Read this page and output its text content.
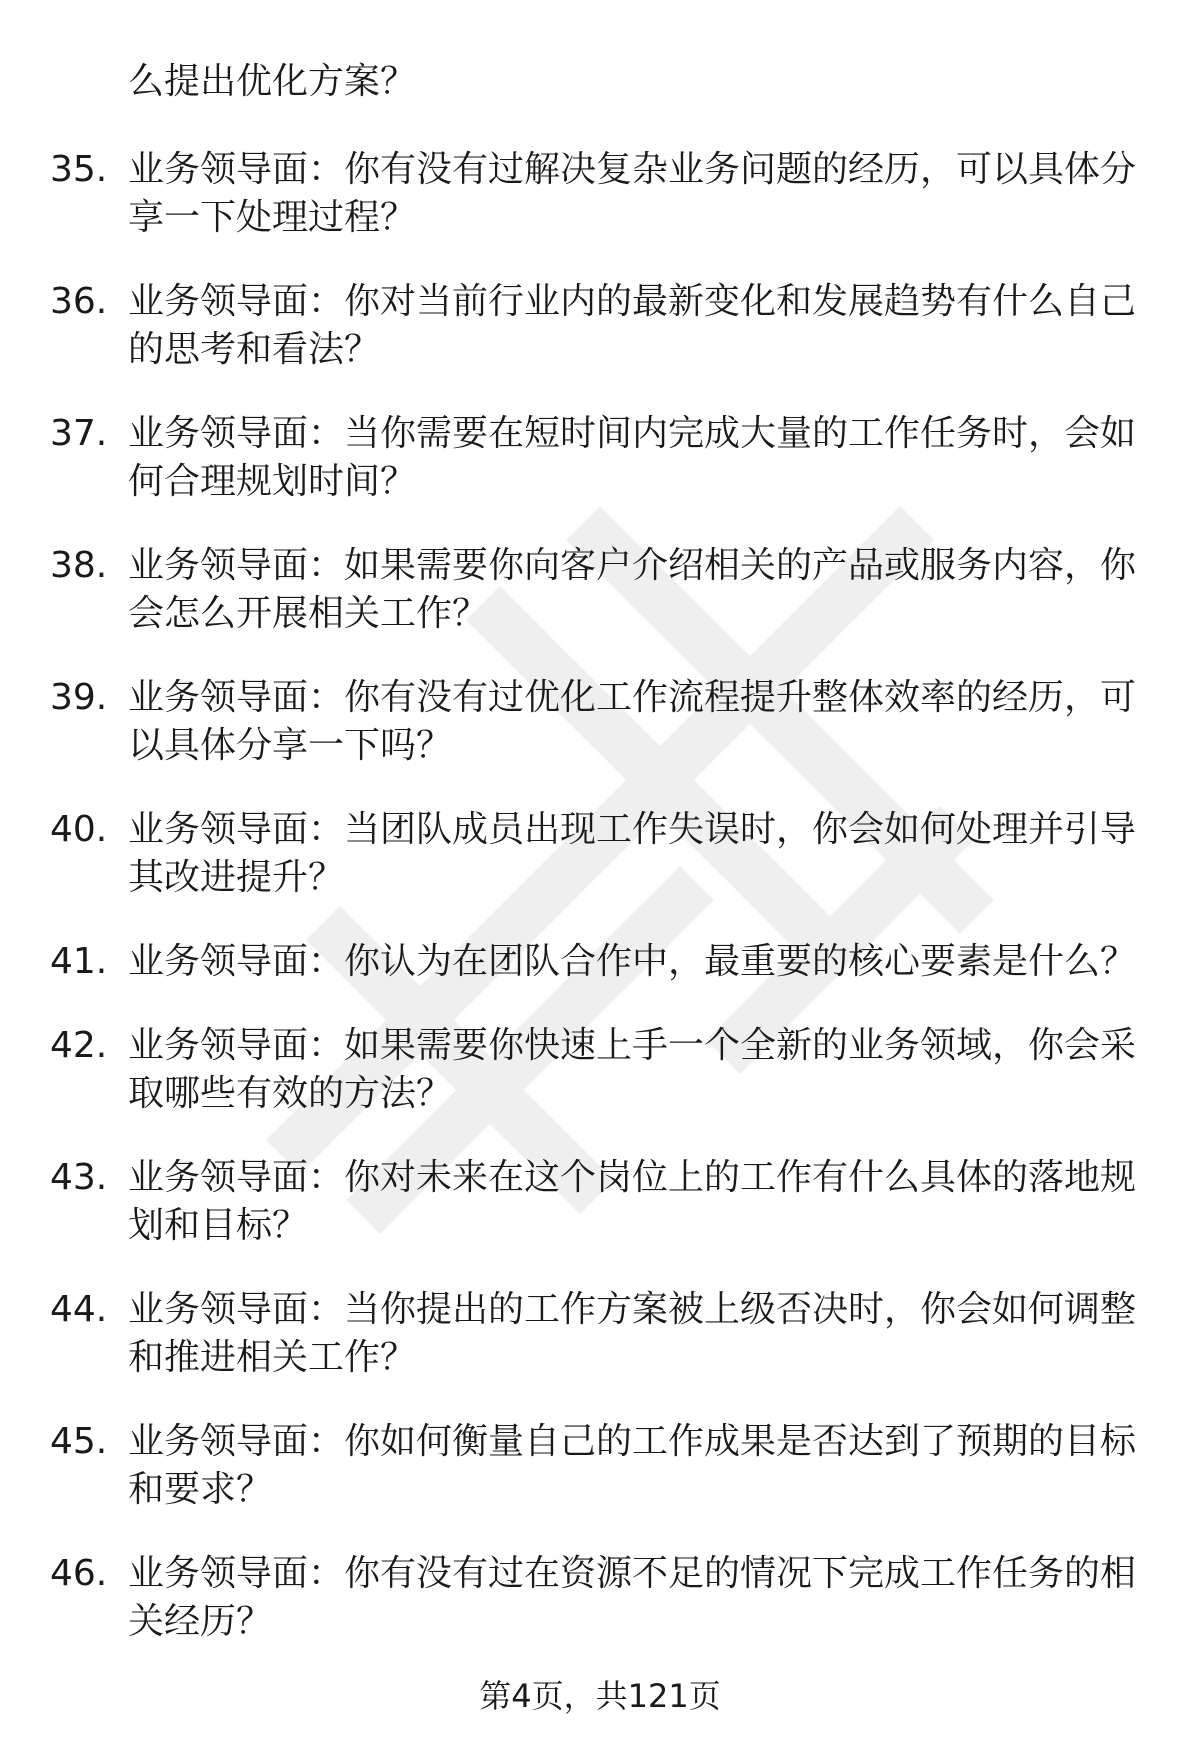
么提出优化方案？
35. 业务领导面：你有没有过解决复杂业务问题的经历，可以具体分享一下处理过程？
36. 业务领导面：你对当前行业内的最新变化和发展趋势有什么自己的思考和看法？
37. 业务领导面：当你需要在短时间内完成大量的工作任务时，会如何合理规划时间？
38. 业务领导面：如果需要你向客户介绍相关的产品或服务内容，你会怎么开展相关工作？
39. 业务领导面：你有没有过优化工作流程提升整体效率的经历，可以具体分享一下吗？
40. 业务领导面：当团队成员出现工作失误时，你会如何处理并引导其改进提升？
41. 业务领导面：你认为在团队合作中，最重要的核心要素是什么？
42. 业务领导面：如果需要你快速上手一个全新的业务领域，你会采取哪些有效的方法？
43. 业务领导面：你对未来在这个岗位上的工作有什么具体的落地规划和目标？
44. 业务领导面：当你提出的工作方案被上级否决时，你会如何调整和推进相关工作？
45. 业务领导面：你如何衡量自己的工作成果是否达到了预期的目标和要求？
46. 业务领导面：你有没有过在资源不足的情况下完成工作任务的相关经历？
第4页，共121页
